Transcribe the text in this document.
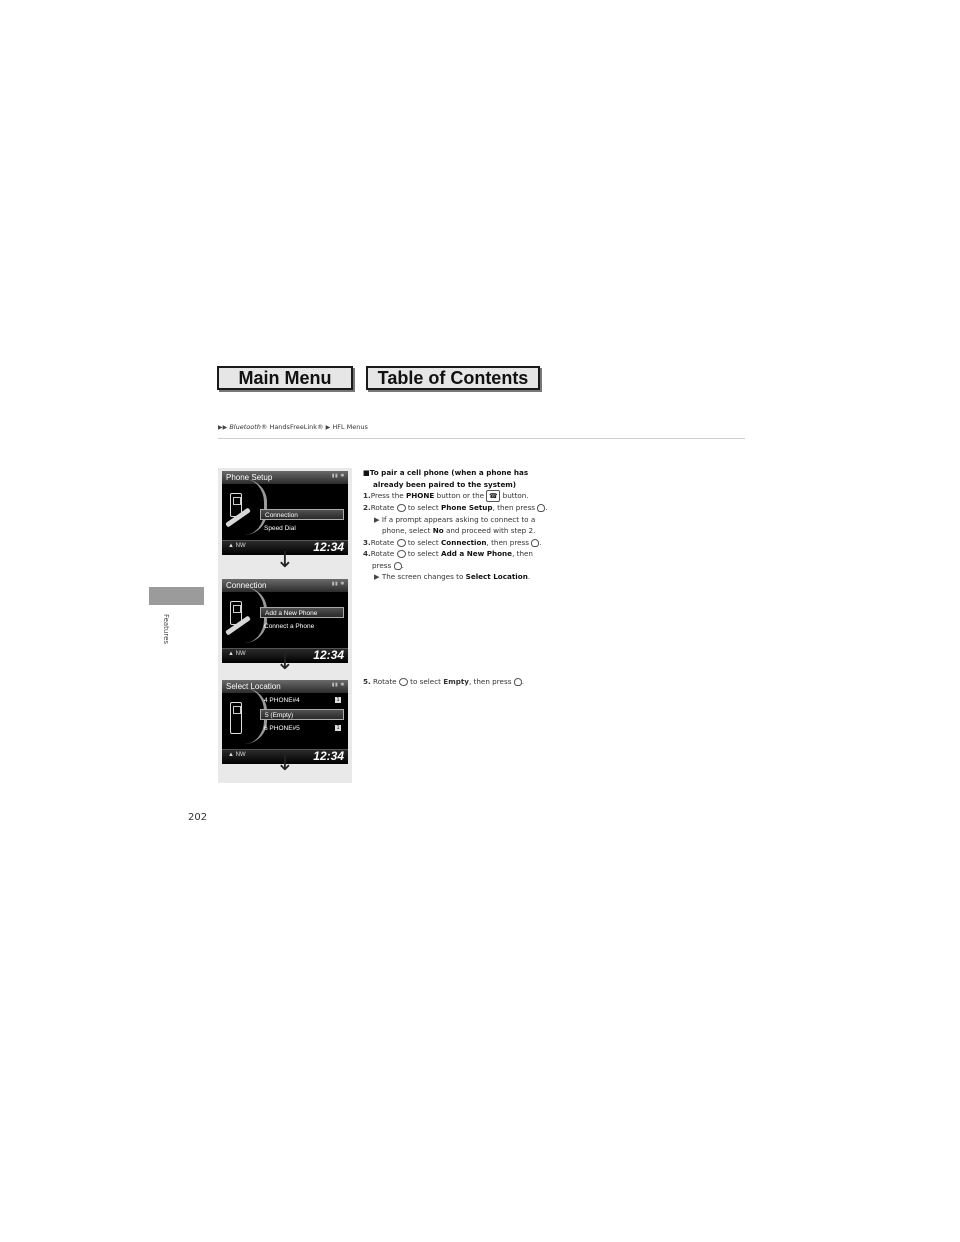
Main Menu	Table of Contents
▶▶ Bluetooth® HandsFreeLink® ▶ HFL Menus
Features
202
Phone Setup	▮▮ ✱
Connection
Speed Dial
▲ NW	12:34
↓
Connection	▮▮ ✱
Add a New Phone
Connect a Phone
▲ NW	12:34
↓
Select Location	▮▮ ✱
4 PHONE#4	1
5 (Empty)
6 PHONE#5	1
▲ NW	12:34
↓
■To pair a cell phone (when a phone has already been paired to the system)
1.Press the PHONE button or the ☎ button.
2.Rotate  to select Phone Setup, then press .
▶ If a prompt appears asking to connect to a phone, select No and proceed with step 2.
3.Rotate  to select Connection, then press .
4.Rotate  to select Add a New Phone, then press .
▶ The screen changes to Select Location.
5. Rotate  to select Empty, then press .
